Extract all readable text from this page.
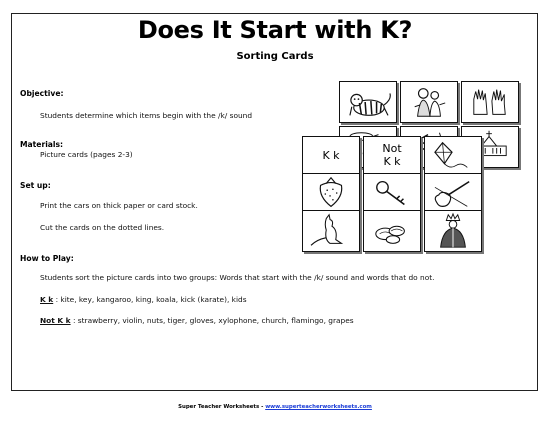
Does It Start with K?
Sorting Cards
Objective:
Students determine which items begin with the /k/ sound
Materials:
Picture cards (pages 2-3)
Set up:
Print the cars on thick paper or card stock.
Cut the cards on the dotted lines.
How to Play:
Students sort the picture cards into two groups: Words that start with the /k/ sound and words that do not.
K k : kite, key, kangaroo, king, koala, kick (karate), kids
Not K k : strawberry, violin, nuts, tiger, gloves, xylophone, church, flamingo, grapes
K k
Not
K k
Super Teacher Worksheets - www.superteacherworksheets.com
